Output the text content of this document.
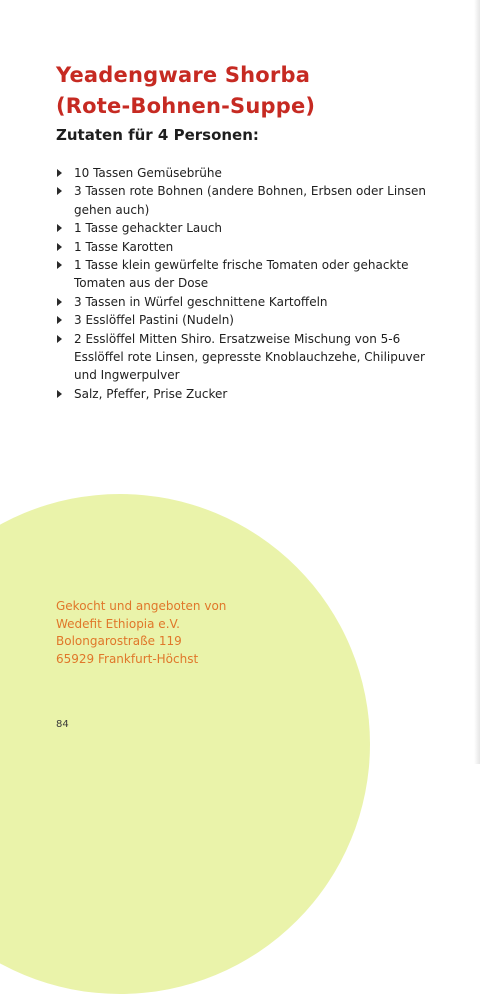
Yeadengware Shorba
(Rote-Bohnen-Suppe)
Zutaten für 4 Personen:
10 Tassen Gemüsebrühe
3 Tassen rote Bohnen (andere Bohnen, Erbsen oder Linsen gehen auch)
1 Tasse gehackter Lauch
1 Tasse Karotten
1 Tasse klein gewürfelte frische Tomaten oder gehackte Tomaten aus der Dose
3 Tassen in Würfel geschnittene Kartoffeln
3 Esslöffel Pastini (Nudeln)
2 Esslöffel Mitten Shiro. Ersatzweise Mischung von 5-6 Esslöffel rote Linsen, gepresste Knoblauchzehe, Chilipuver und Ingwerpulver
Salz, Pfeffer, Prise Zucker
Gekocht und angeboten von
Wedefit Ethiopia e.V.
Bolongarostraße 119
65929 Frankfurt-Höchst
84
